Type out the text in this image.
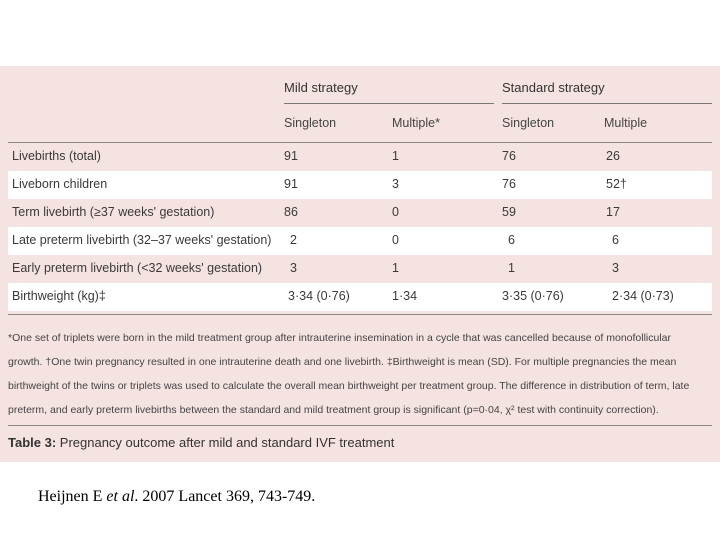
Mild strategy	Standard strategy
Singleton	Multiple*	Singleton	Multiple
Livebirths (total)	91	1	76	26
Liveborn children	91	3	76	52†
Term livebirth (≥37 weeks' gestation)	86	0	59	17
Late preterm livebirth (32–37 weeks' gestation) 2	0	6	6
Early preterm livebirth (<32 weeks' gestation) 3	1	1	3
Birthweight (kg)‡	3·34 (0·76)	1·34	3·35 (0·76)	2·34 (0·73)
*One set of triplets were born in the mild treatment group after intrauterine insemination in a cycle that was cancelled because of monofollicular growth. †One twin pregnancy resulted in one intrauterine death and one livebirth. ‡Birthweight is mean (SD). For multiple pregnancies the mean birthweight of the twins or triplets was used to calculate the overall mean birthweight per treatment group. The difference in distribution of term, late preterm, and early preterm livebirths between the standard and mild treatment group is significant (p=0·04, χ² test with continuity correction).
Table 3: Pregnancy outcome after mild and standard IVF treatment
Heijnen E et al. 2007 Lancet 369, 743-749.
